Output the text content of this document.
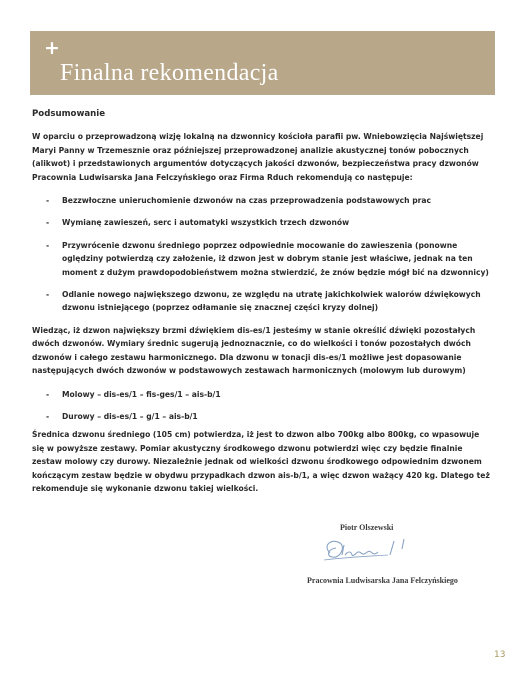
+
Finalna rekomendacja
Podsumowanie
W oparciu o przeprowadzoną wizję lokalną na dzwonnicy kościoła parafii pw. Wniebowzięcia Najświętszej Maryi Panny w Trzemesznie oraz późniejszej przeprowadzonej analizie akustycznej tonów pobocznych (alikwot) i przedstawionych argumentów dotyczących jakości dzwonów, bezpieczeństwa pracy dzwonów Pracownia Ludwisarska Jana Felczyńskiego oraz Firma Rduch rekomendują co następuje:
-	Bezzwłoczne unieruchomienie dzwonów na czas przeprowadzenia podstawowych prac
-	Wymianę zawieszeń, serc i automatyki wszystkich trzech dzwonów
-	Przywrócenie dzwonu średniego poprzez odpowiednie mocowanie do zawieszenia (ponowne oględziny potwierdzą czy założenie, iż dzwon jest w dobrym stanie jest właściwe, jednak na ten moment z dużym prawdopodobieństwem można stwierdzić, że znów będzie mógł bić na dzwonnicy)
-	Odlanie nowego największego dzwonu, ze względu na utratę jakichkolwiek walorów dźwiękowych dzwonu istniejącego (poprzez odłamanie się znacznej części kryzy dolnej)
Wiedząc, iż dzwon największy brzmi dźwiękiem dis-es/1 jesteśmy w stanie określić dźwięki pozostałych dwóch dzwonów. Wymiary średnic sugerują jednoznacznie, co do wielkości i tonów pozostałych dwóch dzwonów i całego zestawu harmonicznego. Dla dzwonu w tonacji dis-es/1 możliwe jest dopasowanie następujących dwóch dzwonów w podstawowych zestawach harmonicznych (molowym lub durowym)
-	Molowy – dis-es/1 – fis-ges/1 – ais-b/1
-	Durowy – dis-es/1 – g/1 – ais-b/1
Średnica dzwonu średniego (105 cm) potwierdza, iż jest to dzwon albo 700kg albo 800kg, co wpasowuje się w powyższe zestawy. Pomiar akustyczny środkowego dzwonu potwierdzi więc czy będzie finalnie zestaw molowy czy durowy. Niezależnie jednak od wielkości dzwonu środkowego odpowiednim dzwonem kończącym zestaw będzie w obydwu przypadkach dzwon ais-b/1, a więc dzwon ważący 420 kg. Dlatego też rekomenduje się wykonanie dzwonu takiej wielkości.
Piotr Olszewski
Pracownia Ludwisarska Jana Felczyńskiego
13
